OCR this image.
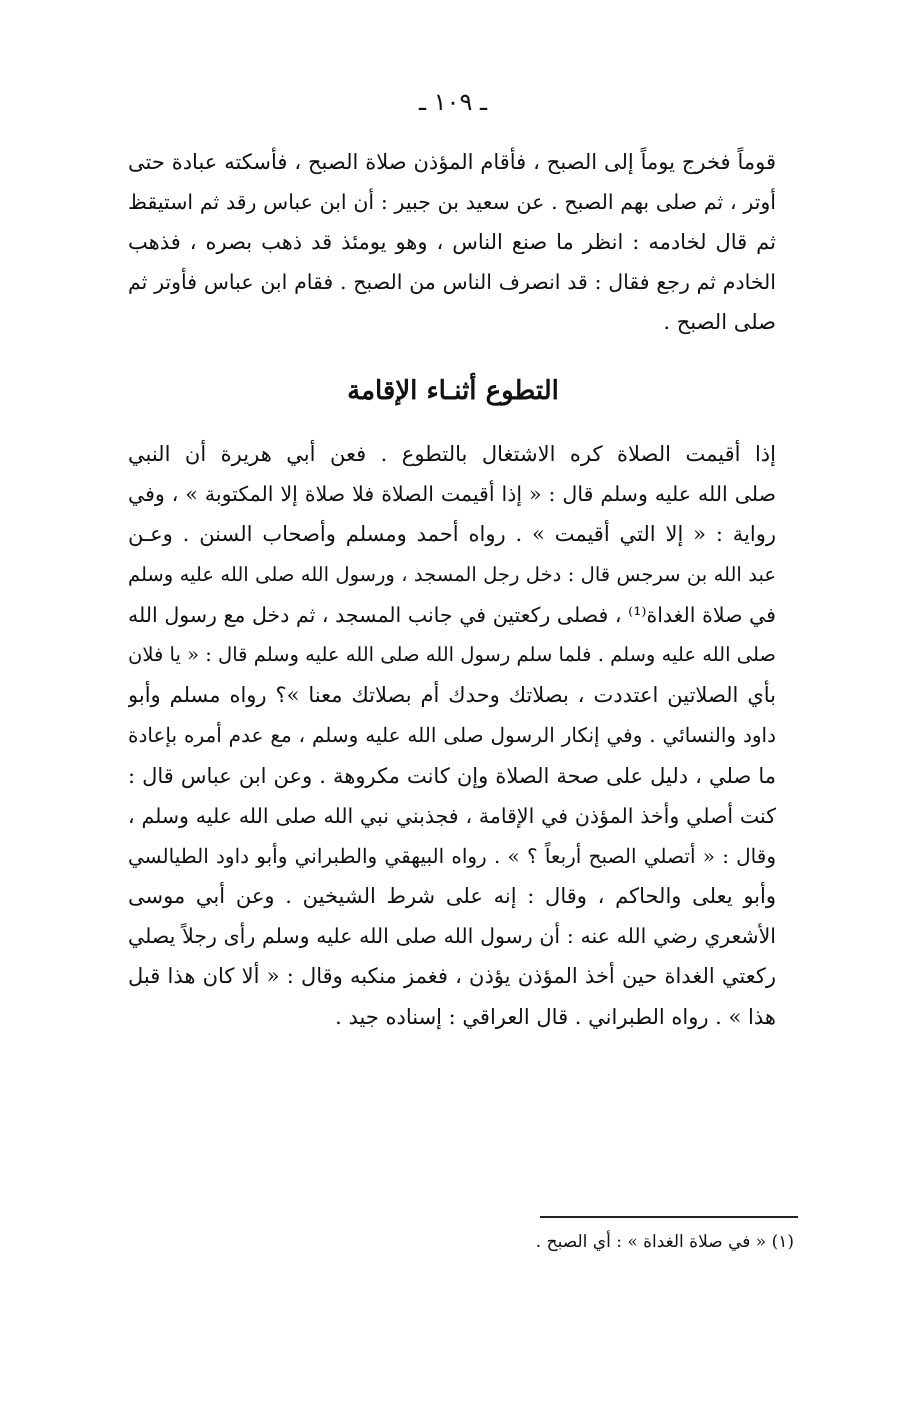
ـ ١٠٩ ـ
قوماً فخرج يوماً إلى الصبح ، فأقام المؤذن صلاة الصبح ، فأسكته عبادة حتى
أوتر ، ثم صلى بهم الصبح . عن سعيد بن جبير : أن ابن عباس رقد ثم استيقظ
ثم قال لخادمه : انظر ما صنع الناس ، وهو يومئذ قد ذهب بصره ، فذهب
الخادم ثم رجع فقال : قد انصرف الناس من الصبح . فقام ابن عباس فأوتر ثم
صلى الصبح .
التطوع أثنـاء الإقامة
إذا أقيمت الصلاة كره الاشتغال بالتطوع . فعن أبي هريرة أن النبي
صلى الله عليه وسلم قال : « إذا أقيمت الصلاة فلا صلاة إلا المكتوبة » ، وفي
رواية : « إلا التي أقيمت » . رواه أحمد ومسلم وأصحاب السنن . وعـن
عبد الله بن سرجس قال : دخل رجل المسجد ، ورسول الله صلى الله عليه وسلم
في صلاة الغداة⁽¹⁾ ، فصلى ركعتين في جانب المسجد ، ثم دخل مع رسول الله
صلى الله عليه وسلم . فلما سلم رسول الله صلى الله عليه وسلم قال : « يا فلان
بأي الصلاتين اعتددت ، بصلاتك وحدك أم بصلاتك معنا »؟ رواه مسلم وأبو
داود والنسائي . وفي إنكار الرسول صلى الله عليه وسلم ، مع عدم أمره بإعادة
ما صلي ، دليل على صحة الصلاة وإن كانت مكروهة . وعن ابن عباس قال :
كنت أصلي وأخذ المؤذن في الإقامة ، فجذبني نبي الله صلى الله عليه وسلم ،
وقال : « أتصلي الصبح أربعاً ؟ » . رواه البيهقي والطبراني وأبو داود الطيالسي
وأبو يعلى والحاكم ، وقال : إنه على شرط الشيخين . وعن أبي موسى
الأشعري رضي الله عنه : أن رسول الله صلى الله عليه وسلم رأى رجلاً يصلي
ركعتي الغداة حين أخذ المؤذن يؤذن ، فغمز منكبه وقال : « ألا كان هذا قبل
هذا » . رواه الطبراني . قال العراقي : إسناده جيد .
(١) « في صلاة الغداة » : أي الصبح .
